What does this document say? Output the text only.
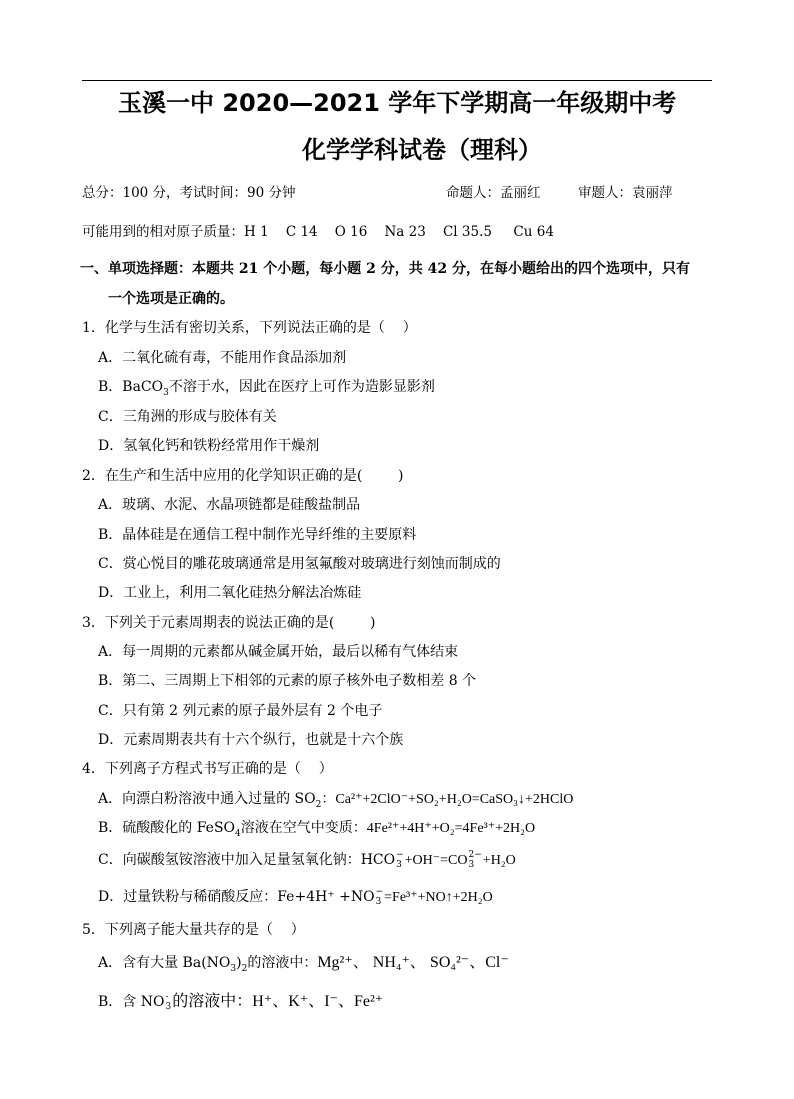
玉溪一中 2020—2021 学年下学期高一年级期中考
化学学科试卷（理科）
总分：100 分，考试时间：90 分钟	命题人：孟丽红	审题人：袁丽萍
可能用到的相对原子质量：H 1    C 14    O 16    Na 23    Cl 35.5     Cu 64
一、单项选择题：本题共 21 个小题，每小题 2 分，共 42 分，在每小题给出的四个选项中，只有
一个选项是正确的。
1．化学与生活有密切关系，下列说法正确的是（    ）
A．二氧化硫有毒，不能用作食品添加剂
B．BaCO$_3$不溶于水，因此在医疗上可作为造影显影剂
C．三角洲的形成与胶体有关
D．氢氧化钙和铁粉经常用作干燥剂
2．在生产和生活中应用的化学知识正确的是(        )
A．玻璃、水泥、水晶项链都是硅酸盐制品
B．晶体硅是在通信工程中制作光导纤维的主要原料
C．赏心悦目的雕花玻璃通常是用氢氟酸对玻璃进行刻蚀而制成的
D．工业上，利用二氧化硅热分解法冶炼硅
3．下列关于元素周期表的说法正确的是(        )
A．每一周期的元素都从碱金属开始，最后以稀有气体结束
B．第二、三周期上下相邻的元素的原子核外电子数相差 8 个
C．只有第 2 列元素的原子最外层有 2 个电子
D．元素周期表共有十六个纵行，也就是十六个族
4．下列离子方程式书写正确的是（    ）
A．向漂白粉溶液中通入过量的 $SO_2$：Ca²⁺+2ClO⁻+SO₂+H₂O=CaSO₃↓+2HClO
B．硫酸酸化的 FeSO$_4$溶液在空气中变质：4Fe²⁺+4H⁺+O₂=4Fe³⁺+2H₂O
C．向碳酸氢铵溶液中加入足量氢氧化钠：HCO −
3 +OH⁻=CO 2−
3 +H₂O
D．过量铁粉与稀硝酸反应：Fe+4H⁺ +NO −
3 =Fe³⁺+NO↑+2H₂O
5．下列离子能大量共存的是（    ）
A．含有大量 $Ba(NO_3)_2$的溶液中：Mg²⁺、 NH₄⁺、 SO₄²⁻、Cl⁻
B．含 NO -
3 的溶液中：H⁺、K⁺、I⁻、Fe²⁺
